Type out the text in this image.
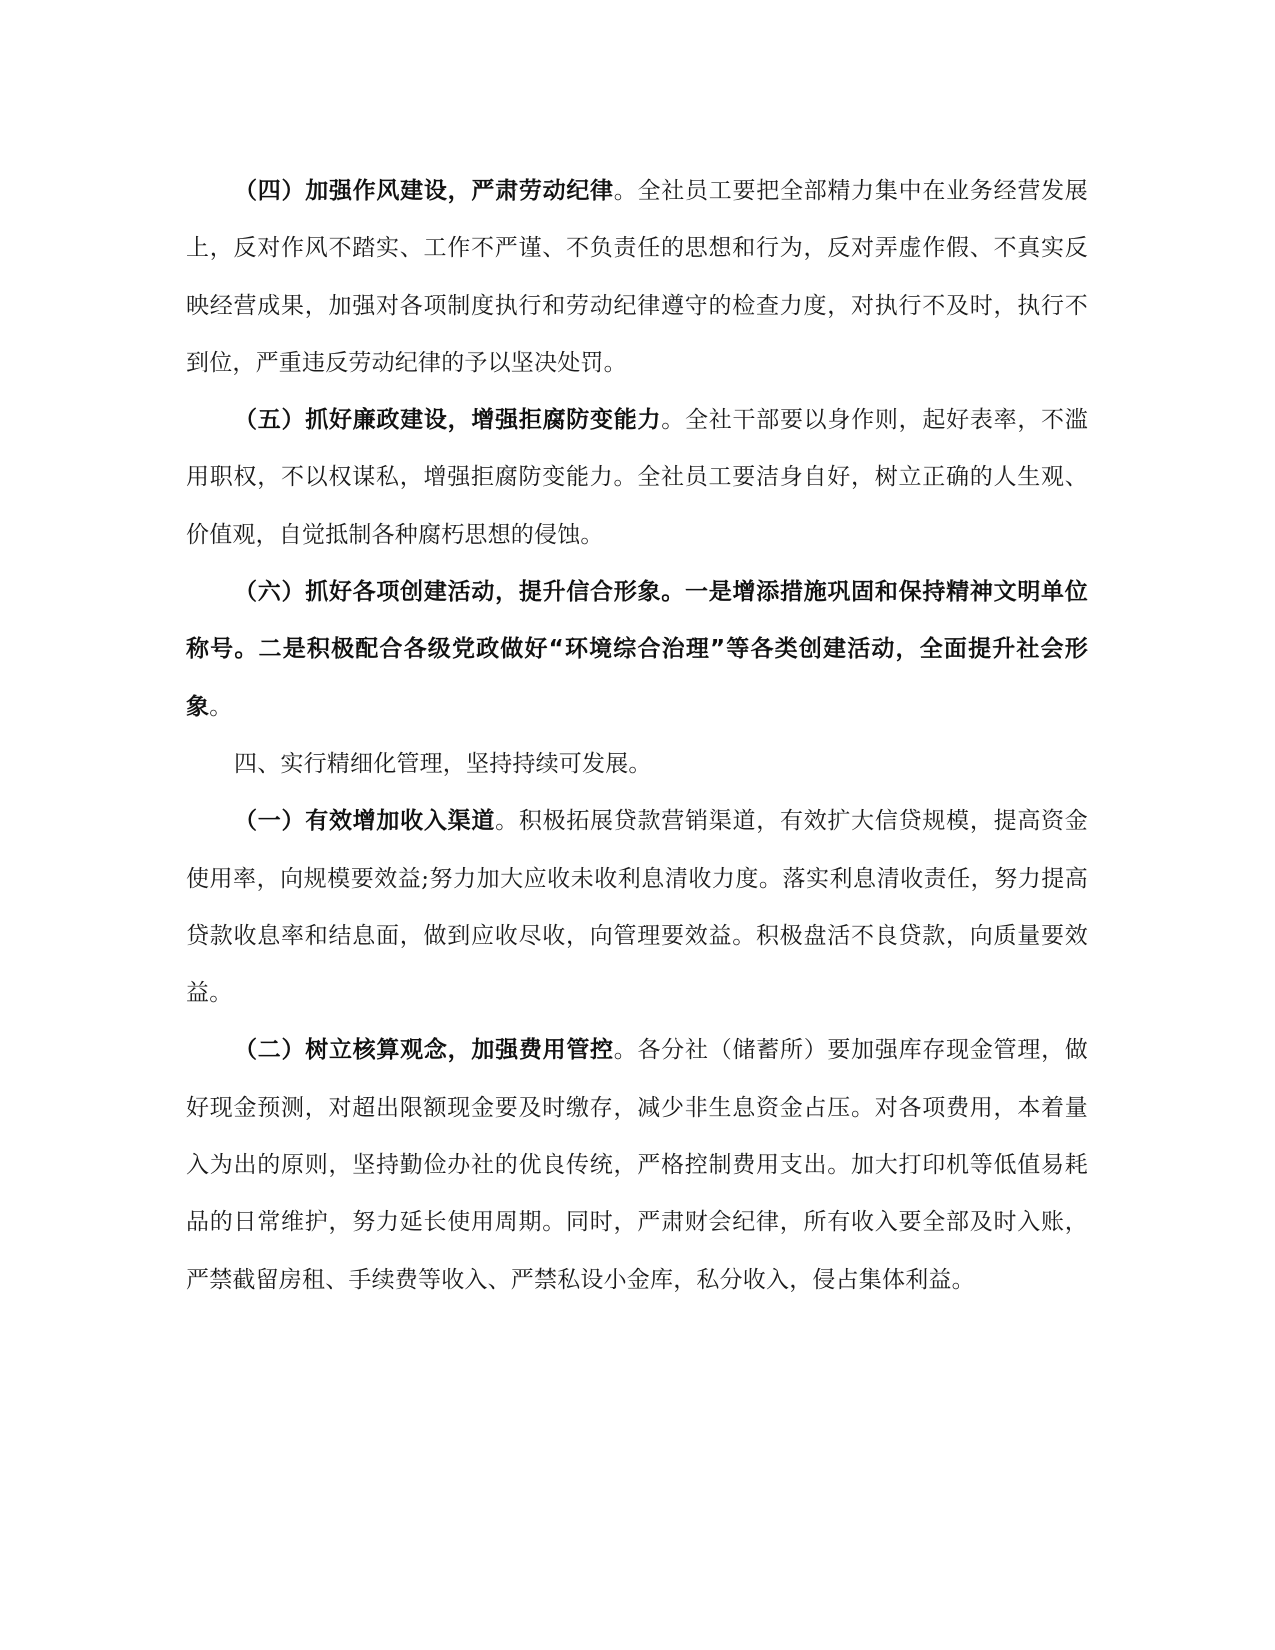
（四）加强作风建设，严肃劳动纪律。全社员工要把全部精力集中在业务经营发展上，反对作风不踏实、工作不严谨、不负责任的思想和行为，反对弄虚作假、不真实反映经营成果，加强对各项制度执行和劳动纪律遵守的检查力度，对执行不及时，执行不到位，严重违反劳动纪律的予以坚决处罚。

（五）抓好廉政建设，增强拒腐防变能力。全社干部要以身作则，起好表率，不滥用职权，不以权谋私，增强拒腐防变能力。全社员工要洁身自好，树立正确的人生观、价值观，自觉抵制各种腐朽思想的侵蚀。

（六）抓好各项创建活动，提升信合形象。一是增添措施巩固和保持精神文明单位称号。二是积极配合各级党政做好“环境综合治理”等各类创建活动，全面提升社会形象。

四、实行精细化管理，坚持持续可发展。

（一）有效增加收入渠道。积极拓展贷款营销渠道，有效扩大信贷规模，提高资金使用率，向规模要效益;努力加大应收未收利息清收力度。落实利息清收责任，努力提高贷款收息率和结息面，做到应收尽收，向管理要效益。积极盘活不良贷款，向质量要效益。

（二）树立核算观念，加强费用管控。各分社（储蓄所）要加强库存现金管理，做好现金预测，对超出限额现金要及时缴存，减少非生息资金占压。对各项费用，本着量入为出的原则，坚持勤俭办社的优良传统，严格控制费用支出。加大打印机等低值易耗品的日常维护，努力延长使用周期。同时，严肃财会纪律，所有收入要全部及时入账，严禁截留房租、手续费等收入、严禁私设小金库，私分收入，侵占集体利益。
